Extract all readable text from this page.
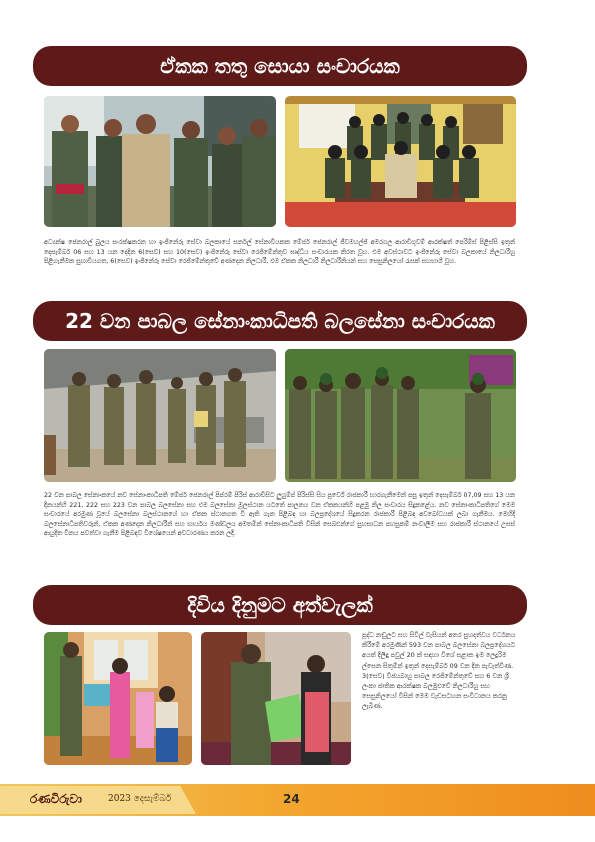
ඒකක තතු සොයා සංචාරයක
අධ්‍යක්ෂ ජෙනරාල් බුලය සංරක්ෂකරන හා ඉංජිනේරු සේවා බලකායේ සර්නල් සේනාවියකක මේජර් ජෙනරාල් ජීවමහල්ජ් අමරගල ආරාචිගුවම් ආරක්ෂත් පෙරිම්ස් පිළිස්සි ඉතුන් දෙසැම්බර් 06 සහ 13 යන දෙදින 6(සෙව) සහ 10(සෙව) ඉංජිනේරු සේවා රෙජිමේන්තුව ඝෘද්ධිය සංචාරයක නිරත වූහ. එම අවස්ථාවට ඉංජිනේරු සේවා බලකායේ නිලධාරීහු පිළිගැනීමක සුහාවියගත, 6(සෙව) ඉංජිනේරු සේවා රෙජිමේන්තුවේ අණදෙන නිලධාරී, එම ඒකක නිලධාරී නිලධාරීනියන් සහ සෙසුනිලයෝ රැසක් සහභාගී වූහ.
22 වන පාබල සේනාංකාධිපති බලසේනා සංචාරයක
22 වන පාබල සේනාංකයේ නව සේනාංකාධිපති මේජර් ජෙනරාල් පිප්රම් පිරිස් ආරාචිසිට ලුහුම්ප් පිරිස්සි සිය පූර්වේ රාජකාරී භාරගැනීමෙන් පසු ඉතුන් දෙසැම්බර් 07,09 සහ 13 යන දිනයන්හි 221, 222 සහ 223 වන පාබල බලසේනා සහ එම බලසේනා මූලස්ථාන යටතේ පාලනය වන ඒකකයන්හි පළමු නිල සංචාරය සිදුකළේය. නව සේනාංකාධිපතිගේ මෙම සංචාරයේ අරමුණ වූයේ බලසේනා බලස්ථානයේ හා ඒකක ස්ථානගත වී ඇති ගැන පිළිබඳ හා බලප්‍රදේශයේ සිදුකරන රාජකාරී පිළිබඳ අවබෝධයක් ලබා ගැනීමය. මෙහිදී බලසේනාධිපතිවරුන්, ඒකක අණදෙන නිලධාරීන් සහ භාර්යය මණ්ඩලය අමතමින් සේනාංකාධිපති විසින් සෙබළුන්ගේ සුහසාධන පහසුකම් නංවාලීම සහ රාජකාරී ස්ථානයේ උසස් ආයුදිත විනය පවත්වා ගැනීම පිළිබඳව විශේෂයෙන් අවධාරණය කරන ලදී.
දිවිය දිනුමට අත්වැලක්
පූද්ධ නඬුලට සහ සිවිල් වැසියන් අතර සුහදත්වය වර්ධනය කිරීමේ අරමුණින් 593 වන පාබල බලසේනා බලප්‍රදේශයට අයත් දිලිඳු පවුල් 20 ක් සඳහා විශේ සළාක ඉම ලෙදුරිම ල්සෙන සිතුම්න් ඉතුන් දෙසැම්බර් 09 වන දින පැවැත්විණ. 3(සෙව) විජයබාහු පාබල රෙජිමේන්තුවේ සහ 6 වන ශ්‍රී ලංකා ජාතික ආරක්ෂක බලමුළුවේ නිලධාරීහු සහ සෙසුනිලයෝ විසින් මෙම වැඩසටහන සංවිධානය කරනු ලැබිණ.
රණවිරුවා	2023 දෙසැම්බර්	24
